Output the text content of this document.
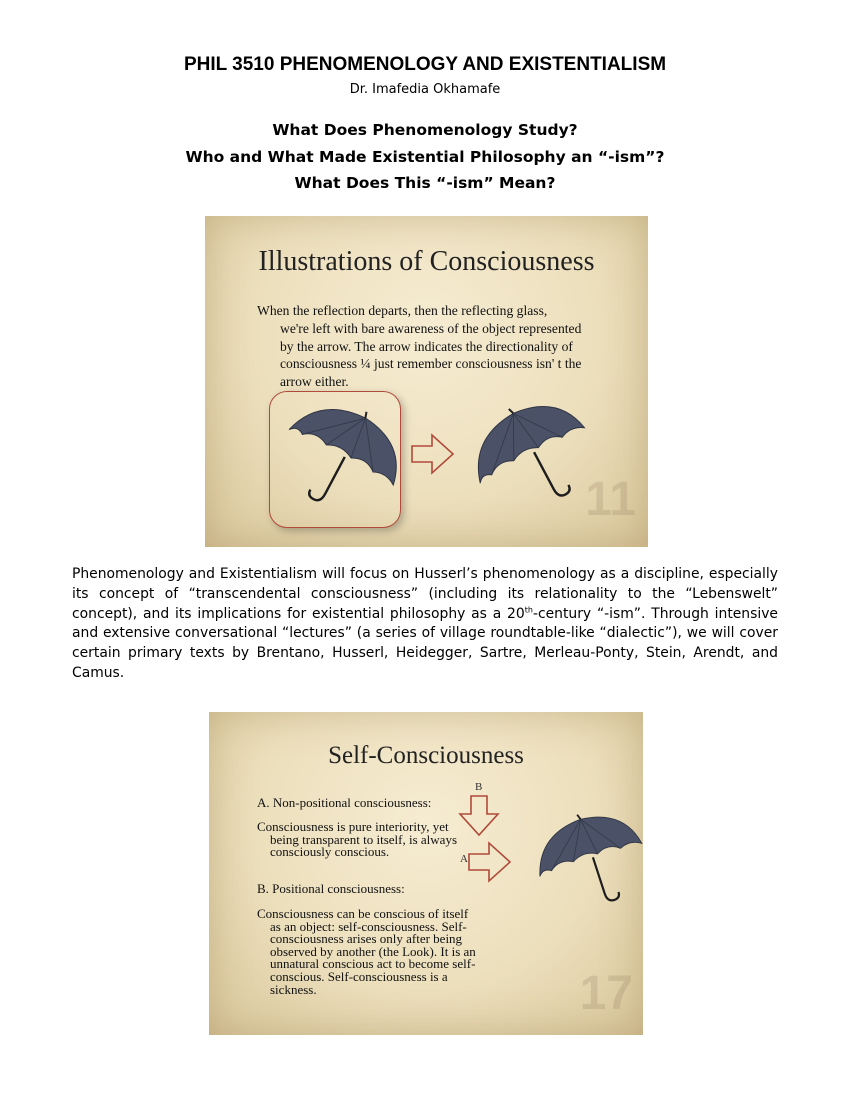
PHIL 3510 PHENOMENOLOGY AND EXISTENTIALISM
Dr. Imafedia Okhamafe
What Does Phenomenology Study?
Who and What Made Existential Philosophy an “-ism”?
What Does This “-ism” Mean?
Illustrations of Consciousness
When the reflection departs, then the reflecting glass,
we're left with bare awareness of the object represented by the arrow. The arrow indicates the directionality of consciousness ¼ just remember consciousness isn' t the arrow either.
11
Phenomenology and Existentialism will focus on Husserl’s phenomenology as a discipline, especially its concept of “transcendental consciousness” (including its relationality to the “Lebenswelt” concept), and its implications for existential philosophy as a 20th-century “-ism”. Through intensive and extensive conversational “lectures” (a series of village roundtable-like “dialectic”), we will cover certain primary texts by Brentano, Husserl, Heidegger, Sartre, Merleau-Ponty, Stein, Arendt, and Camus.
Self-Consciousness

A. Non-positional consciousness:

Consciousness is pure interiority, yet being transparent to itself, is always consciously conscious.

B. Positional consciousness:

Consciousness can be conscious of itself as an object: self-consciousness. Self-consciousness arises only after being observed by another (the Look). It is an unnatural conscious act to become self-conscious. Self-consciousness is a sickness.

B
A
17
